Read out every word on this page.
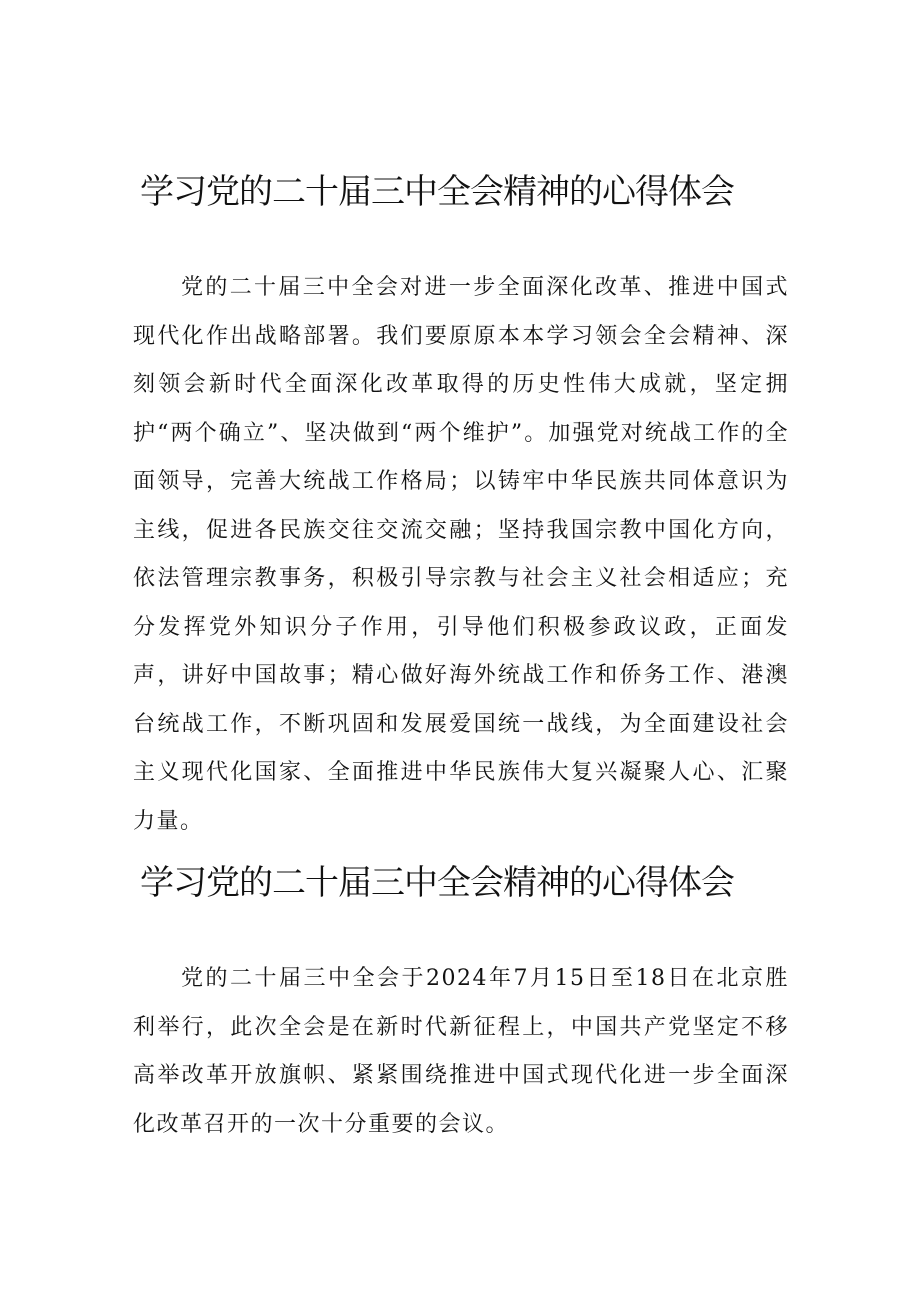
学习党的二十届三中全会精神的心得体会

党的二十届三中全会对进一步全面深化改革、推进中国式现代化作出战略部署。我们要原原本本学习领会全会精神、深刻领会新时代全面深化改革取得的历史性伟大成就，坚定拥护“两个确立”、坚决做到“两个维护”。加强党对统战工作的全面领导，完善大统战工作格局；以铸牢中华民族共同体意识为主线，促进各民族交往交流交融；坚持我国宗教中国化方向，依法管理宗教事务，积极引导宗教与社会主义社会相适应；充分发挥党外知识分子作用，引导他们积极参政议政，正面发声，讲好中国故事；精心做好海外统战工作和侨务工作、港澳台统战工作，不断巩固和发展爱国统一战线，为全面建设社会主义现代化国家、全面推进中华民族伟大复兴凝聚人心、汇聚力量。

学习党的二十届三中全会精神的心得体会

党的二十届三中全会于2024年7月15日至18日在北京胜利举行，此次全会是在新时代新征程上，中国共产党坚定不移高举改革开放旗帜、紧紧围绕推进中国式现代化进一步全面深化改革召开的一次十分重要的会议。
